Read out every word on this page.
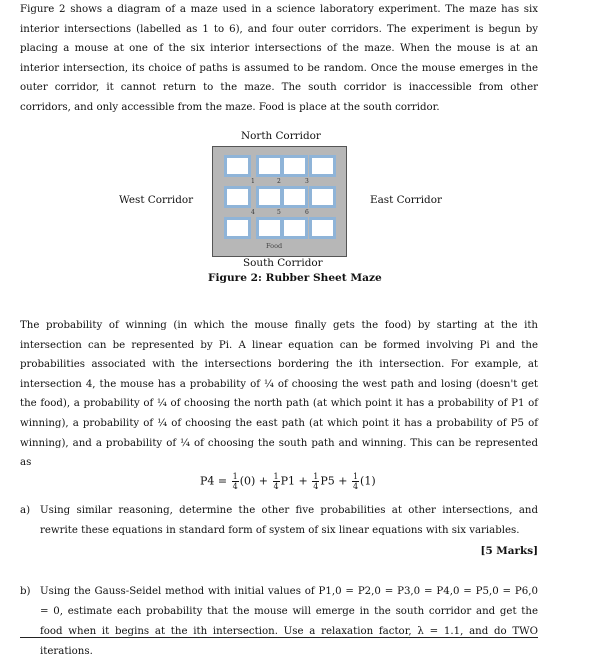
Figure 2 shows a diagram of a maze used in a science laboratory experiment. The maze has six interior intersections (labelled as 1 to 6), and four outer corridors. The experiment is begun by placing a mouse at one of the six interior intersections of the maze. When the mouse is at an interior intersection, its choice of paths is assumed to be random. Once the mouse emerges in the outer corridor, it cannot return to the maze. The south corridor is inaccessible from other corridors, and only accessible from the maze. Food is place at the south corridor.

North Corridor
West Corridor	East Corridor
1	2	3
4	5	6
Food
South Corridor
Figure 2: Rubber Sheet Maze

The probability of winning (in which the mouse finally gets the food) by starting at the ith intersection can be represented by Pi. A linear equation can be formed involving Pi and the probabilities associated with the intersections bordering the ith intersection. For example, at intersection 4, the mouse has a probability of ¼ of choosing the west path and losing (doesn't get the food), a probability of ¼ of choosing the north path (at which point it has a probability of P1 of winning), a probability of ¼ of choosing the east path (at which point it has a probability of P5 of winning), and a probability of ¼ of choosing the south path and winning. This can be represented as

$P4 = \frac{1}{4} (0) + \frac{1}{4} P1 + \frac{1}{4} P5 + \frac{1}{4} (1)$
a) Using similar reasoning, determine the other five probabilities at other intersections, and rewrite these equations in standard form of system of six linear equations with six variables.
[5 Marks]
b) Using the Gauss-Seidel method with initial values of P1,0 = P2,0 = P3,0 = P4,0 = P5,0 = P6,0 = 0, estimate each probability that the mouse will emerge in the south corridor and get the food when it begins at the ith intersection. Use a relaxation factor, λ = 1.1, and do TWO iterations.
